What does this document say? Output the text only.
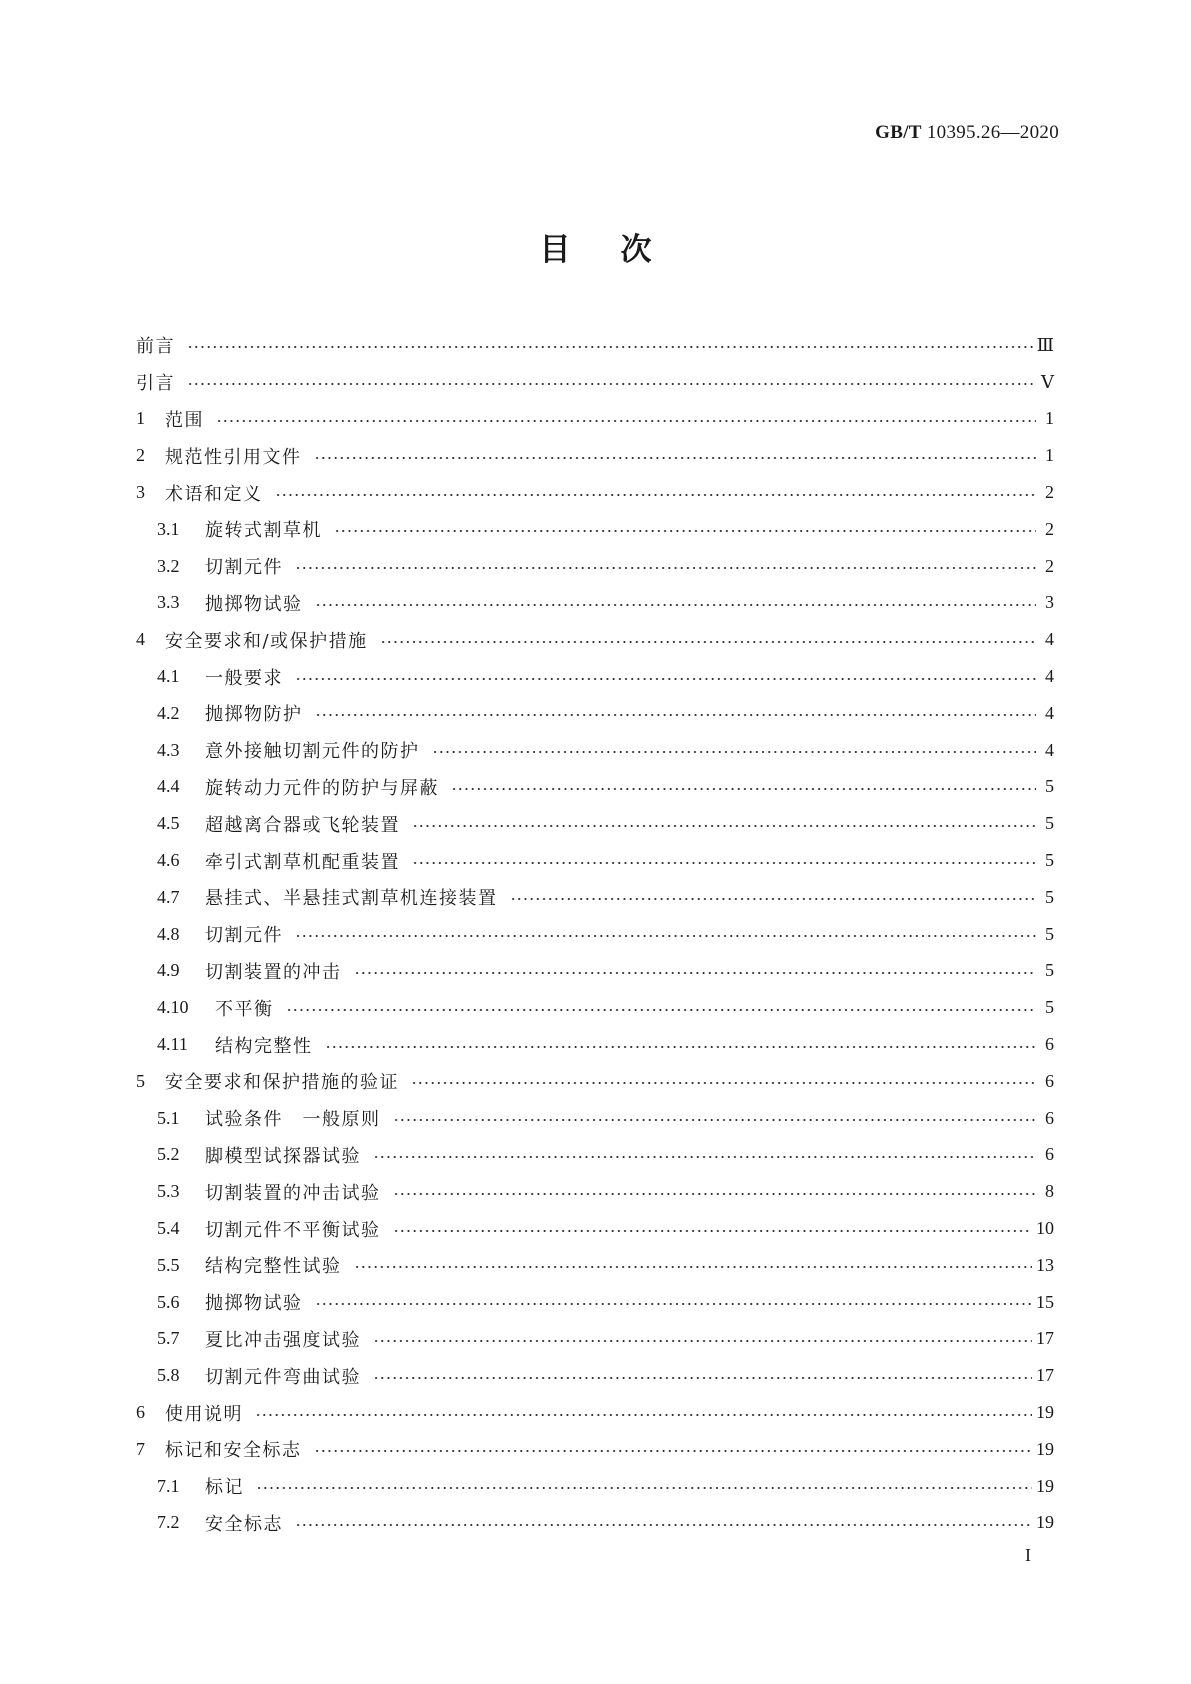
GB/T 10395.26—2020
目次
前言	Ⅲ
引言	Ⅴ
1	范围	1
2	规范性引用文件	1
3	术语和定义	2
3.1	旋转式割草机	2
3.2	切割元件	2
3.3	抛掷物试验	3
4	安全要求和/或保护措施	4
4.1	一般要求	4
4.2	抛掷物防护	4
4.3	意外接触切割元件的防护	4
4.4	旋转动力元件的防护与屏蔽	5
4.5	超越离合器或飞轮装置	5
4.6	牵引式割草机配重装置	5
4.7	悬挂式、半悬挂式割草机连接装置	5
4.8	切割元件	5
4.9	切割装置的冲击	5
4.10	不平衡	5
4.11	结构完整性	6
5	安全要求和保护措施的验证	6
5.1	试验条件　一般原则	6
5.2	脚模型试探器试验	6
5.3	切割装置的冲击试验	8
5.4	切割元件不平衡试验	10
5.5	结构完整性试验	13
5.6	抛掷物试验	15
5.7	夏比冲击强度试验	17
5.8	切割元件弯曲试验	17
6	使用说明	19
7	标记和安全标志	19
7.1	标记	19
7.2	安全标志	19
I
